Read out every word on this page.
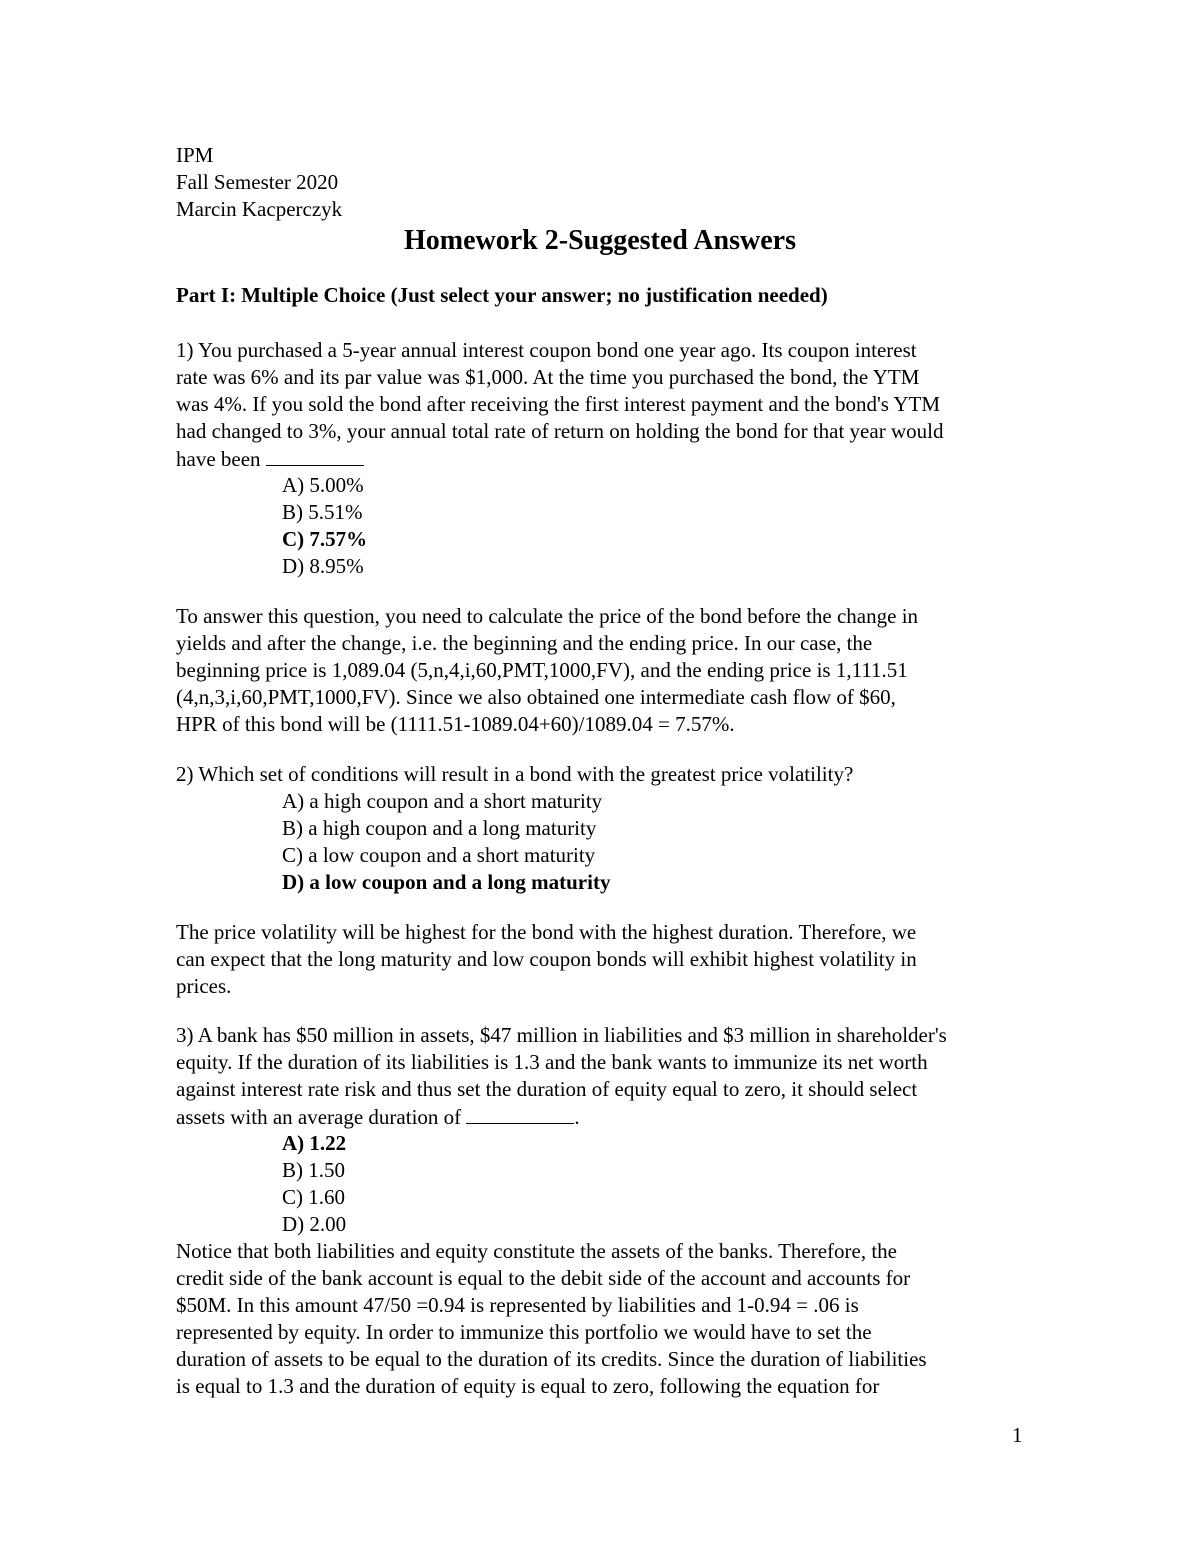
IPM
Fall Semester 2020
Marcin Kacperczyk
Homework 2-Suggested Answers
Part I: Multiple Choice (Just select your answer; no justification needed)
1) You purchased a 5-year annual interest coupon bond one year ago. Its coupon interest
rate was 6% and its par value was $1,000. At the time you purchased the bond, the YTM
was 4%. If you sold the bond after receiving the first interest payment and the bond's YTM
had changed to 3%, your annual total rate of return on holding the bond for that year would
have been
A) 5.00%
B) 5.51%
C) 7.57%
D) 8.95%
To answer this question, you need to calculate the price of the bond before the change in
yields and after the change, i.e. the beginning and the ending price. In our case, the
beginning price is 1,089.04 (5,n,4,i,60,PMT,1000,FV), and the ending price is 1,111.51
(4,n,3,i,60,PMT,1000,FV). Since we also obtained one intermediate cash flow of $60,
HPR of this bond will be (1111.51-1089.04+60)/1089.04 = 7.57%.
2) Which set of conditions will result in a bond with the greatest price volatility?
A) a high coupon and a short maturity
B) a high coupon and a long maturity
C) a low coupon and a short maturity
D) a low coupon and a long maturity
The price volatility will be highest for the bond with the highest duration. Therefore, we
can expect that the long maturity and low coupon bonds will exhibit highest volatility in
prices.
3) A bank has $50 million in assets, $47 million in liabilities and $3 million in shareholder's
equity. If the duration of its liabilities is 1.3 and the bank wants to immunize its net worth
against interest rate risk and thus set the duration of equity equal to zero, it should select
assets with an average duration of	.
A) 1.22
B) 1.50
C) 1.60
D) 2.00
Notice that both liabilities and equity constitute the assets of the banks. Therefore, the
credit side of the bank account is equal to the debit side of the account and accounts for
$50M. In this amount 47/50 =0.94 is represented by liabilities and 1-0.94 = .06 is
represented by equity. In order to immunize this portfolio we would have to set the
duration of assets to be equal to the duration of its credits. Since the duration of liabilities
is equal to 1.3 and the duration of equity is equal to zero, following the equation for
1
